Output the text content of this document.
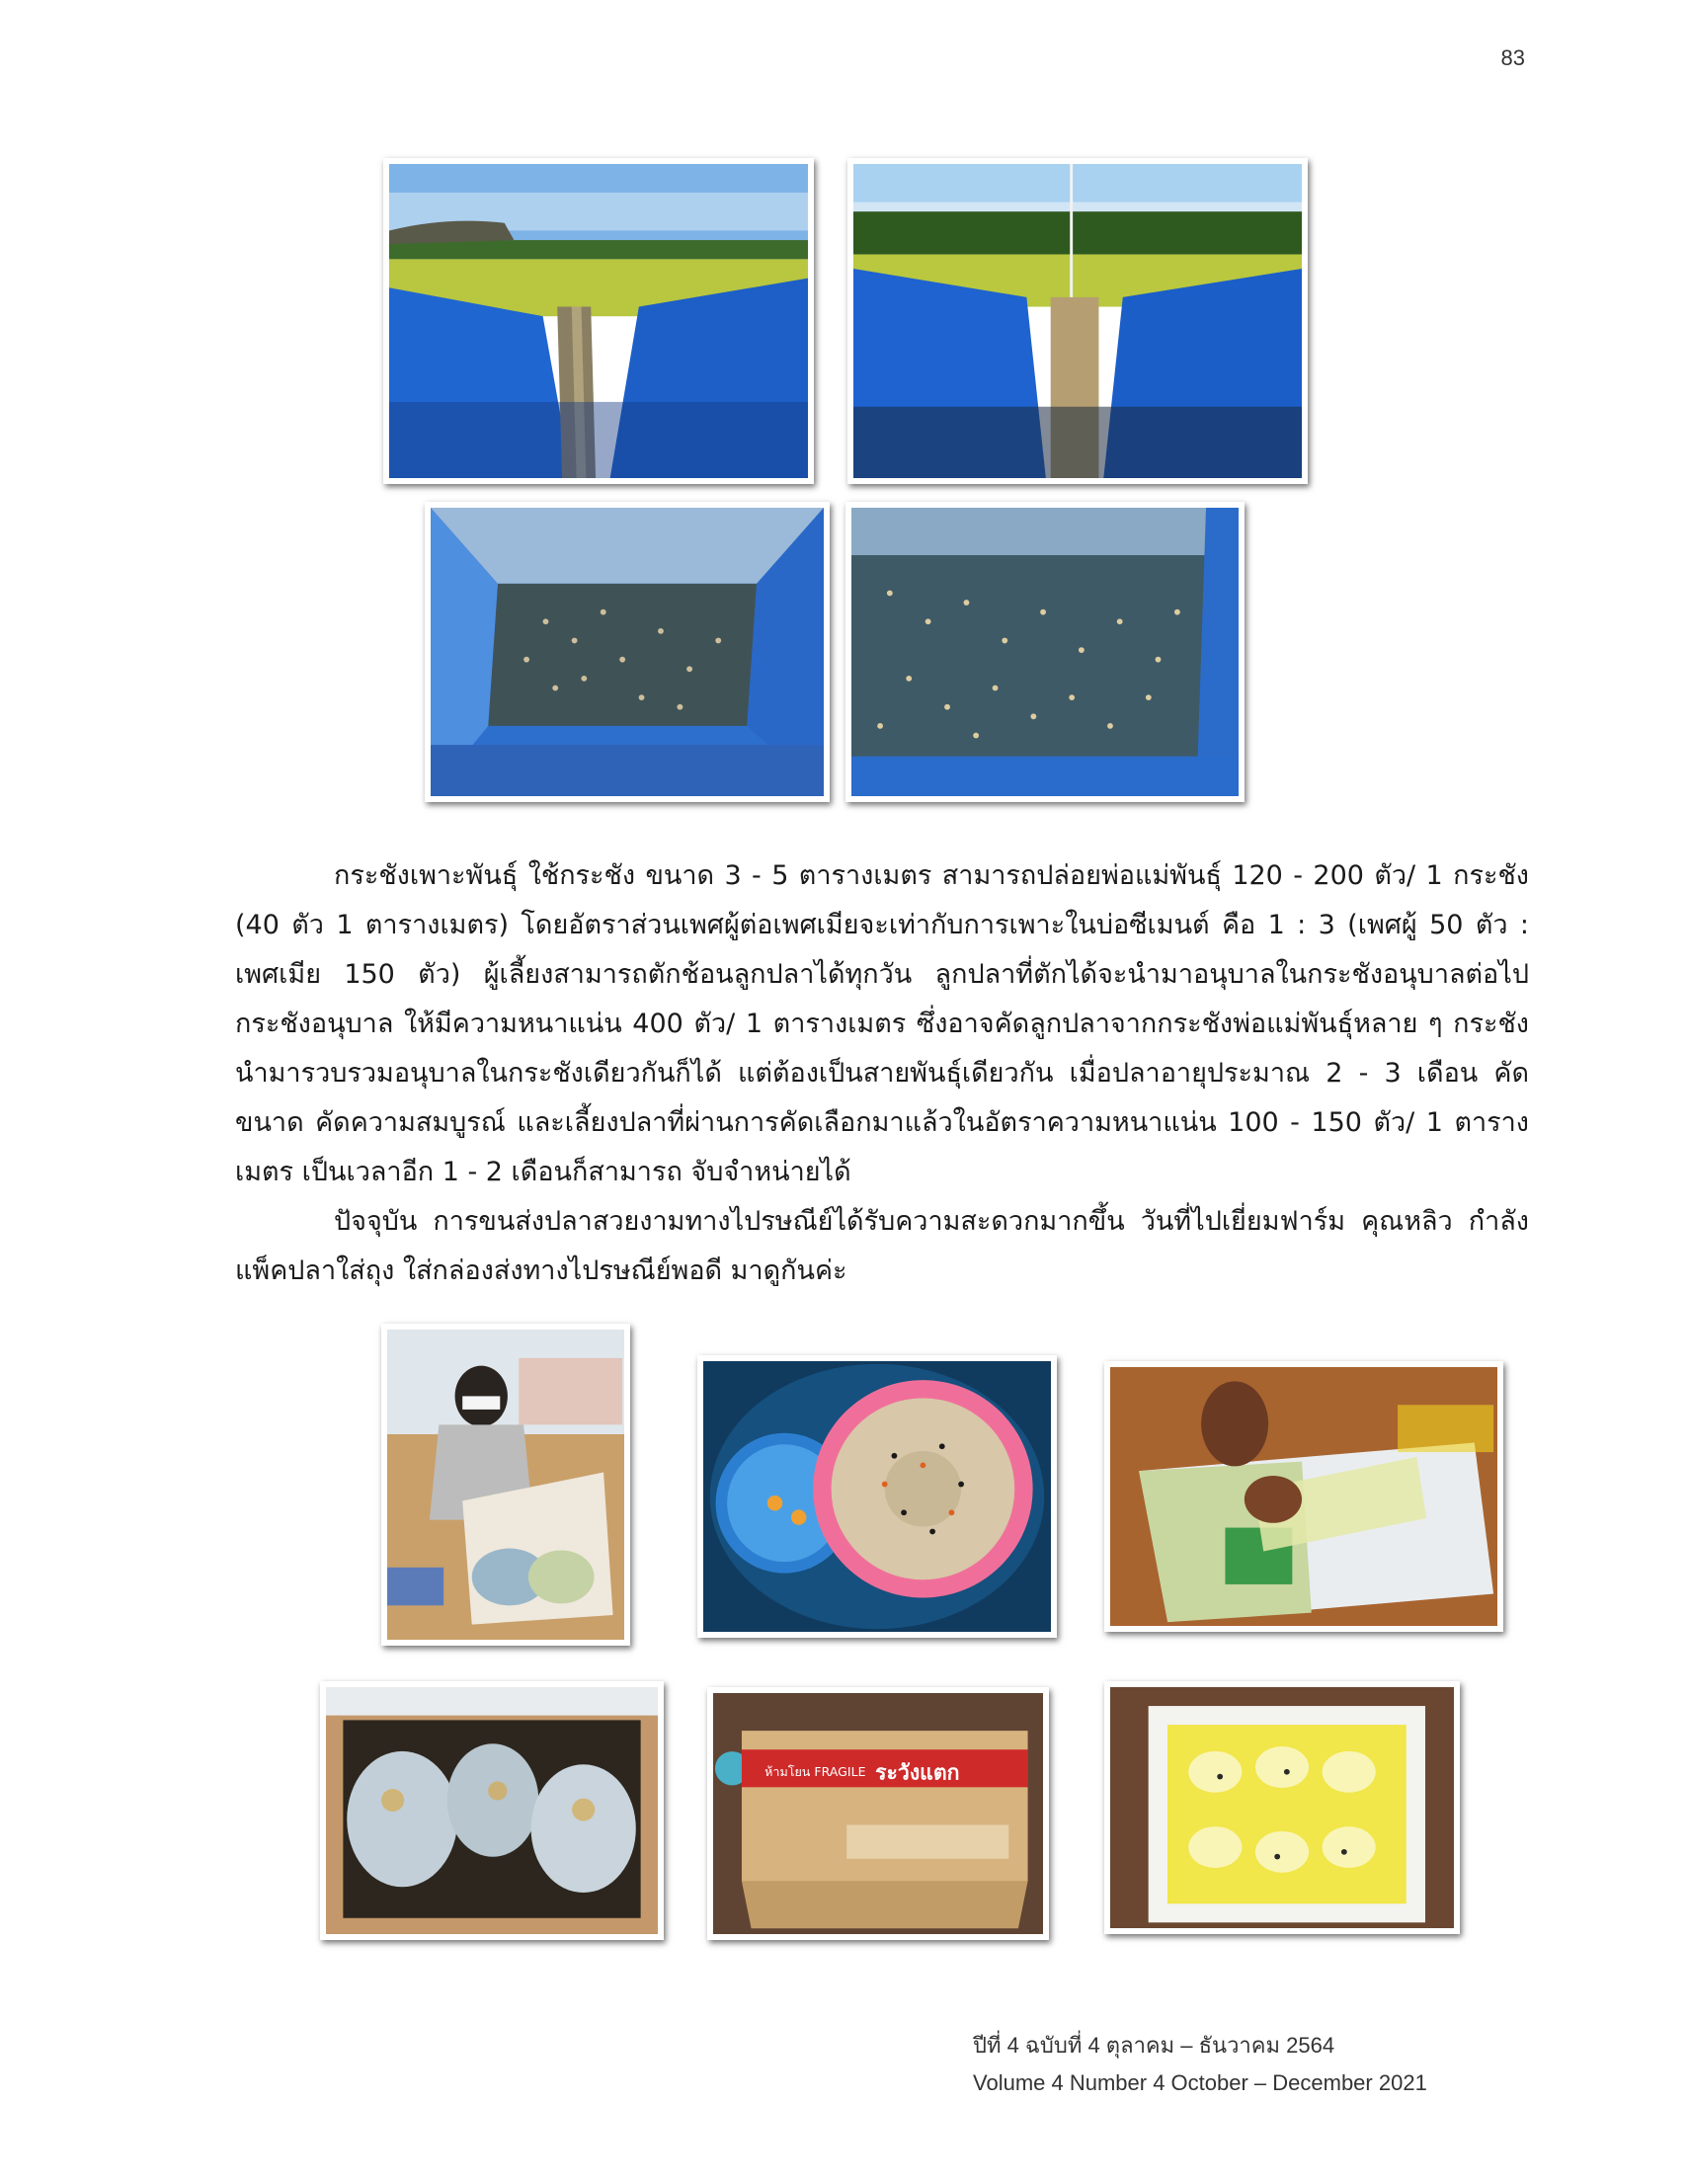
83

กระชังเพาะพันธุ์ ใช้กระชัง ขนาด 3 - 5 ตารางเมตร สามารถปล่อยพ่อแม่พันธุ์ 120 - 200 ตัว/ 1 กระชัง (40 ตัว 1 ตารางเมตร) โดยอัตราส่วนเพศผู้ต่อเพศเมียจะเท่ากับการเพาะในบ่อซีเมนต์ คือ 1 : 3 (เพศผู้ 50 ตัว : เพศเมีย 150 ตัว) ผู้เลี้ยงสามารถตักช้อนลูกปลาได้ทุกวัน ลูกปลาที่ตักได้จะนำมาอนุบาลในกระชังอนุบาลต่อไป กระชังอนุบาล ให้มีความหนาแน่น 400 ตัว/ 1 ตารางเมตร ซึ่งอาจคัดลูกปลาจากกระชังพ่อแม่พันธุ์หลาย ๆ กระชัง นำมารวบรวมอนุบาลในกระชังเดียวกันก็ได้ แต่ต้องเป็นสายพันธุ์เดียวกัน เมื่อปลาอายุประมาณ 2 - 3 เดือน คัดขนาด คัดความสมบูรณ์ และเลี้ยงปลาที่ผ่านการคัดเลือกมาแล้วในอัตราความหนาแน่น 100 - 150 ตัว/ 1 ตารางเมตร เป็นเวลาอีก 1 - 2 เดือนก็สามารถ จับจำหน่ายได้

ปัจจุบัน การขนส่งปลาสวยงามทางไปรษณีย์ได้รับความสะดวกมากขึ้น วันที่ไปเยี่ยมฟาร์ม คุณหลิว กำลังแพ็คปลาใส่ถุง ใส่กล่องส่งทางไปรษณีย์พอดี มาดูกันค่ะ

ห้ามโยน FRAGILE ระวังแตก
ปีที่ 4 ฉบับที่ 4 ตุลาคม – ธันวาคม 2564
Volume 4 Number 4 October – December 2021
